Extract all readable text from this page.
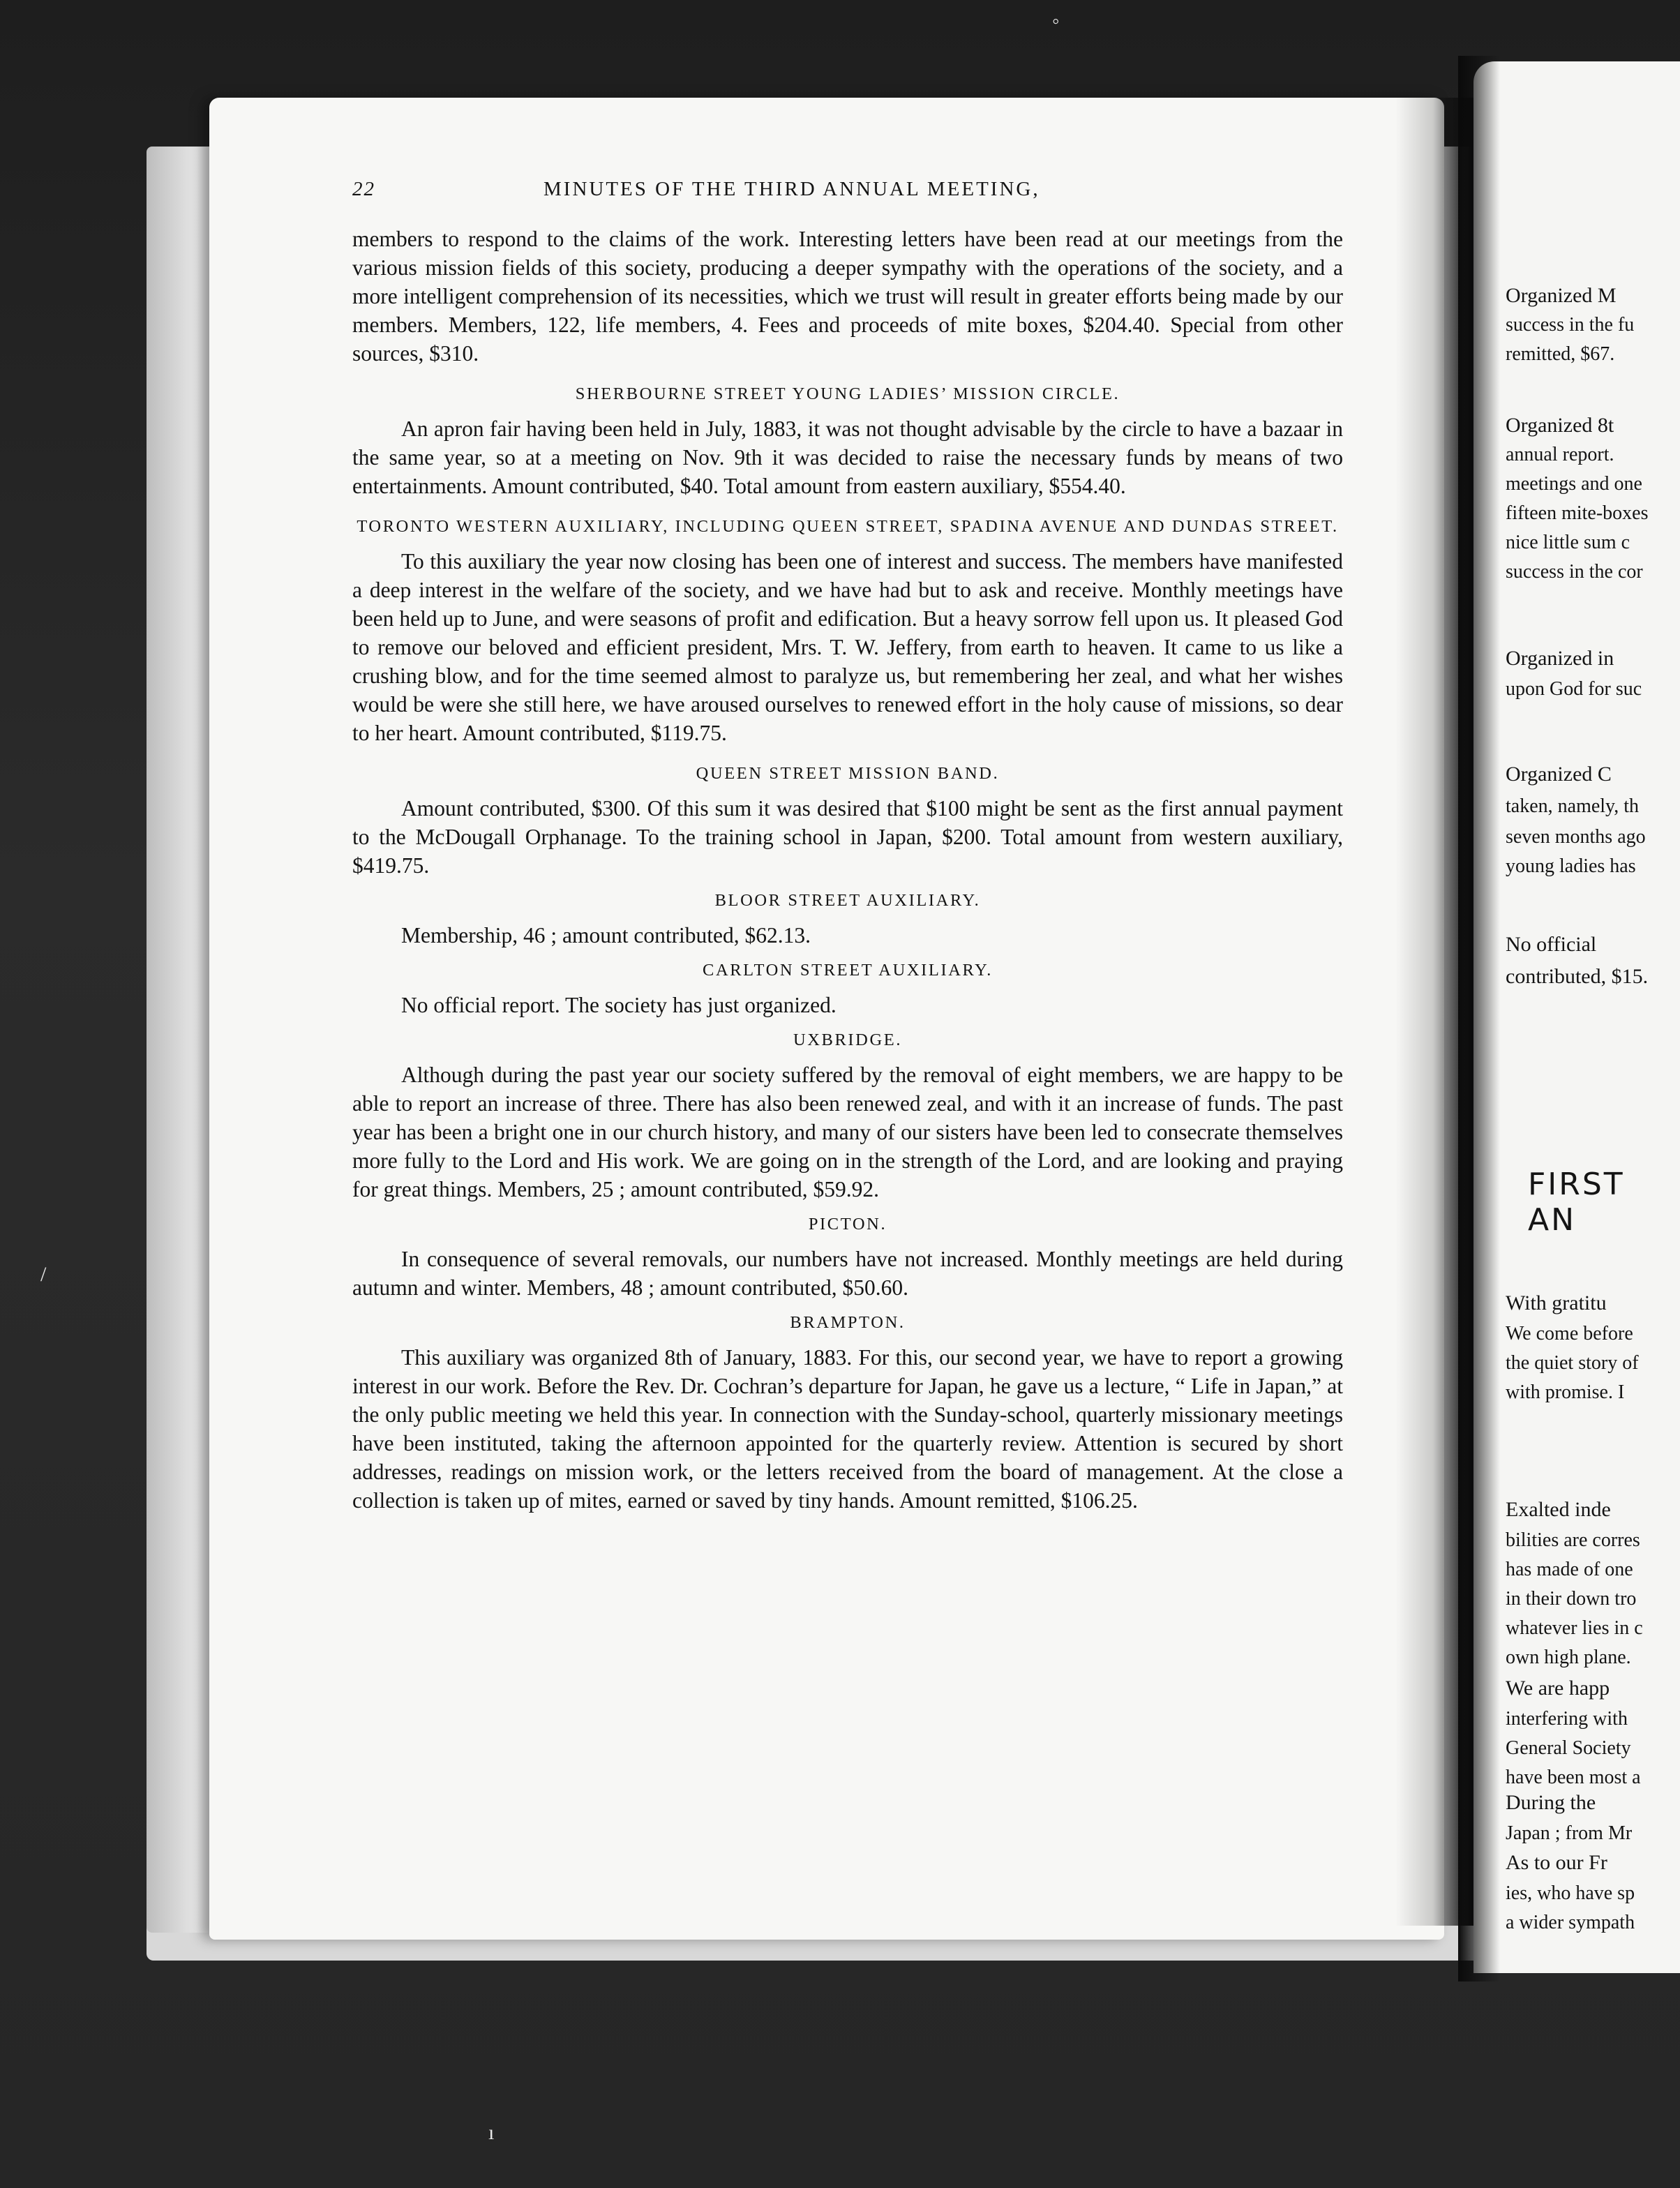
22	MINUTES OF THE THIRD ANNUAL MEETING,

members to respond to the claims of the work. Interesting letters have been read at our meetings from the various mission fields of this society, producing a deeper sympathy with the operations of the society, and a more intelligent comprehension of its necessities, which we trust will result in greater efforts being made by our members. Members, 122, life members, 4. Fees and proceeds of mite boxes, $204.40. Special from other sources, $310.

SHERBOURNE STREET YOUNG LADIES’ MISSION CIRCLE.

An apron fair having been held in July, 1883, it was not thought advisable by the circle to have a bazaar in the same year, so at a meeting on Nov. 9th it was decided to raise the necessary funds by means of two entertainments. Amount contributed, $40. Total amount from eastern auxiliary, $554.40.

TORONTO WESTERN AUXILIARY, INCLUDING QUEEN STREET, SPADINA AVENUE AND DUNDAS STREET.

To this auxiliary the year now closing has been one of interest and success. The members have manifested a deep interest in the welfare of the society, and we have had but to ask and receive. Monthly meetings have been held up to June, and were seasons of profit and edification. But a heavy sorrow fell upon us. It pleased God to remove our beloved and efficient president, Mrs. T. W. Jeffery, from earth to heaven. It came to us like a crushing blow, and for the time seemed almost to paralyze us, but remembering her zeal, and what her wishes would be were she still here, we have aroused ourselves to renewed effort in the holy cause of missions, so dear to her heart. Amount contributed, $119.75.

QUEEN STREET MISSION BAND.

Amount contributed, $300. Of this sum it was desired that $100 might be sent as the first annual payment to the McDougall Orphanage. To the training school in Japan, $200. Total amount from western auxiliary, $419.75.

BLOOR STREET AUXILIARY.

Membership, 46 ; amount contributed, $62.13.

CARLTON STREET AUXILIARY.

No official report. The society has just organized.

UXBRIDGE.

Although during the past year our society suffered by the removal of eight members, we are happy to be able to report an increase of three. There has also been renewed zeal, and with it an increase of funds. The past year has been a bright one in our church history, and many of our sisters have been led to consecrate themselves more fully to the Lord and His work. We are going on in the strength of the Lord, and are looking and praying for great things. Members, 25 ; amount contributed, $59.92.

PICTON.

In consequence of several removals, our numbers have not increased. Monthly meetings are held during autumn and winter. Members, 48 ; amount contributed, $50.60.

BRAMPTON.

This auxiliary was organized 8th of January, 1883. For this, our second year, we have to report a growing interest in our work. Before the Rev. Dr. Cochran’s departure for Japan, he gave us a lecture, “ Life in Japan,” at the only public meeting we held this year. In connection with the Sunday-school, quarterly missionary meetings have been instituted, taking the afternoon appointed for the quarterly review. Attention is secured by short addresses, readings on mission work, or the letters received from the board of management. At the close a collection is taken up of mites, earned or saved by tiny hands. Amount remitted, $106.25.

Organized M
success in the fu
remitted, $67.
Organized 8t
annual report.
meetings and one
fifteen mite-boxes
nice little sum c
success in the cor
Organized in
upon God for suc
Organized C
taken, namely, th
seven months ago
young ladies has
No official
contributed, $15.
FIRST AN
With gratitu
We come before
the quiet story of
with promise. I
Exalted inde
bilities are corres
has made of one
in their down tro
whatever lies in c
own high plane.
We are happ
interfering with
General Society
have been most a
During the
Japan ; from Mr
As to our Fr
ies, who have sp
a wider sympath
◦
/
ı
